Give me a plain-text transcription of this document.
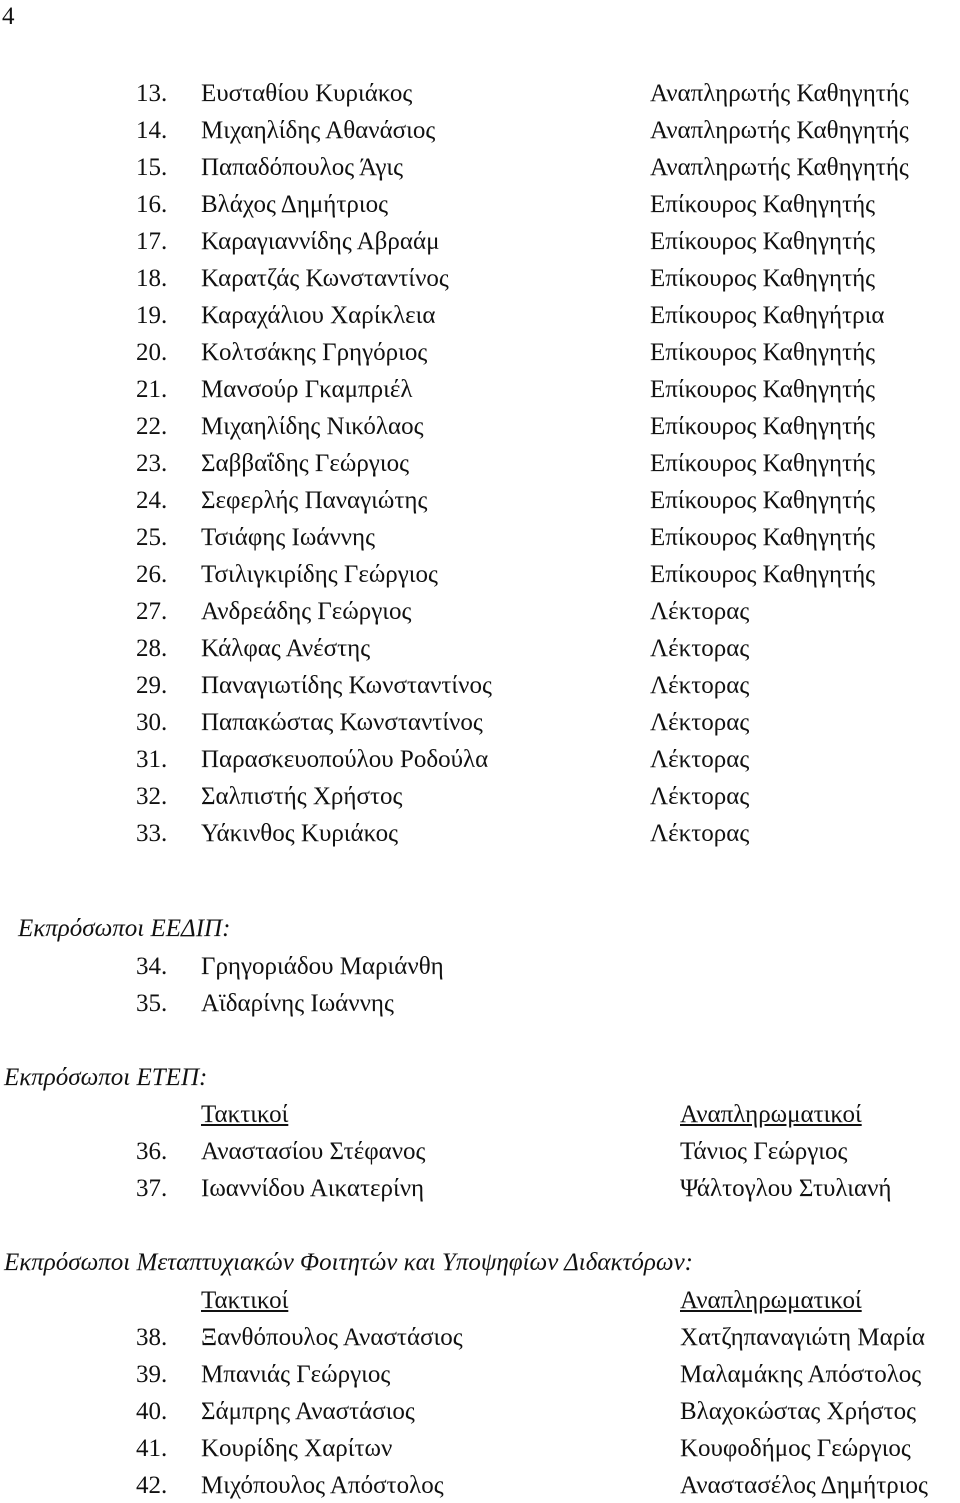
4
13. Ευσταθίου Κυριάκος	Αναπληρωτής Καθηγητής
14. Μιχαηλίδης Αθανάσιος	Αναπληρωτής Καθηγητής
15. Παπαδόπουλος Άγις	Αναπληρωτής Καθηγητής
16. Βλάχος Δημήτριος	Επίκουρος Καθηγητής
17. Καραγιαννίδης Αβραάμ	Επίκουρος Καθηγητής
18. Καρατζάς Κωνσταντίνος	Επίκουρος Καθηγητής
19. Καραχάλιου Χαρίκλεια	Επίκουρος Καθηγήτρια
20. Κολτσάκης Γρηγόριος	Επίκουρος Καθηγητής
21. Μανσούρ Γκαμπριέλ	Επίκουρος Καθηγητής
22. Μιχαηλίδης Νικόλαος	Επίκουρος Καθηγητής
23. Σαββαΐδης Γεώργιος	Επίκουρος Καθηγητής
24. Σεφερλής Παναγιώτης	Επίκουρος Καθηγητής
25. Τσιάφης Ιωάννης	Επίκουρος Καθηγητής
26. Τσιλιγκιρίδης Γεώργιος	Επίκουρος Καθηγητής
27. Ανδρεάδης Γεώργιος	Λέκτορας
28. Κάλφας Ανέστης	Λέκτορας
29. Παναγιωτίδης Κωνσταντίνος	Λέκτορας
30. Παπακώστας Κωνσταντίνος	Λέκτορας
31. Παρασκευοπούλου Ροδούλα	Λέκτορας
32. Σαλπιστής Χρήστος	Λέκτορας
33. Υάκινθος Κυριάκος	Λέκτορας
Εκπρόσωποι ΕΕΔΙΠ:
34. Γρηγοριάδου Μαριάνθη
35. Αϊδαρίνης Ιωάννης
Εκπρόσωποι ΕΤΕΠ:
Τακτικοί	Αναπληρωματικοί
36. Αναστασίου Στέφανος	Τάνιος Γεώργιος
37. Ιωαννίδου Αικατερίνη	Ψάλτογλου Στυλιανή
Εκπρόσωποι Μεταπτυχιακών Φοιτητών και Υποψηφίων Διδακτόρων:
Τακτικοί	Αναπληρωματικοί
38. Ξανθόπουλος Αναστάσιος	Χατζηπαναγιώτη Μαρία
39. Μπανιάς Γεώργιος	Μαλαμάκης Απόστολος
40. Σάμπρης Αναστάσιος	Βλαχοκώστας Χρήστος
41. Κουρίδης Χαρίτων	Κουφοδήμος Γεώργιος
42. Μιχόπουλος Απόστολος	Αναστασέλος Δημήτριος
